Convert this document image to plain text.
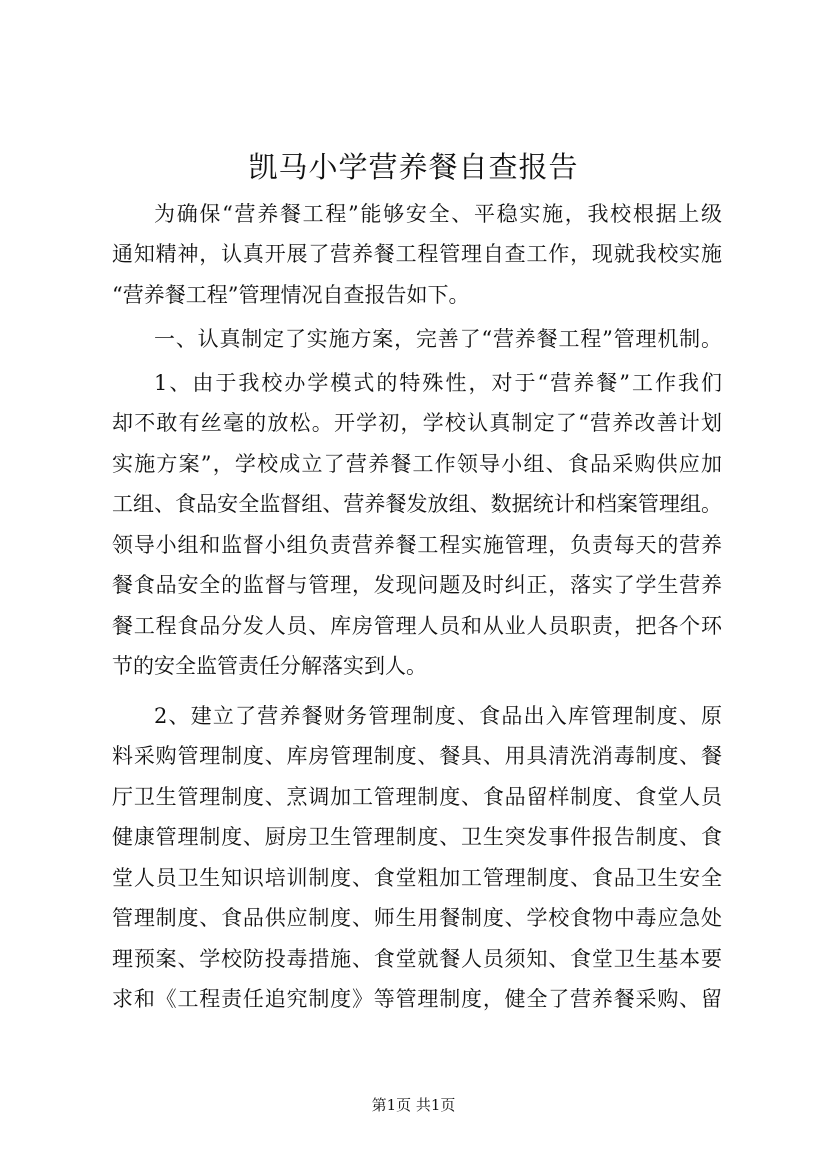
凯马小学营养餐自查报告

为确保“营养餐工程”能够安全、平稳实施，我校根据上级

通知精神，认真开展了营养餐工程管理自查工作，现就我校实施

“营养餐工程”管理情况自查报告如下。

一、认真制定了实施方案，完善了“营养餐工程”管理机制。

1、由于我校办学模式的特殊性，对于“营养餐”工作我们

却不敢有丝毫的放松。开学初，学校认真制定了“营养改善计划

实施方案”，学校成立了营养餐工作领导小组、食品采购供应加

工组、食品安全监督组、营养餐发放组、数据统计和档案管理组。

领导小组和监督小组负责营养餐工程实施管理，负责每天的营养

餐食品安全的监督与管理，发现问题及时纠正，落实了学生营养

餐工程食品分发人员、库房管理人员和从业人员职责，把各个环

节的安全监管责任分解落实到人。

2、建立了营养餐财务管理制度、食品出入库管理制度、原

料采购管理制度、库房管理制度、餐具、用具清洗消毒制度、餐

厅卫生管理制度、烹调加工管理制度、食品留样制度、食堂人员

健康管理制度、厨房卫生管理制度、卫生突发事件报告制度、食

堂人员卫生知识培训制度、食堂粗加工管理制度、食品卫生安全

管理制度、食品供应制度、师生用餐制度、学校食物中毒应急处

理预案、学校防投毒措施、食堂就餐人员须知、食堂卫生基本要

求和《工程责任追究制度》等管理制度，健全了营养餐采购、留

第1页 共1页
